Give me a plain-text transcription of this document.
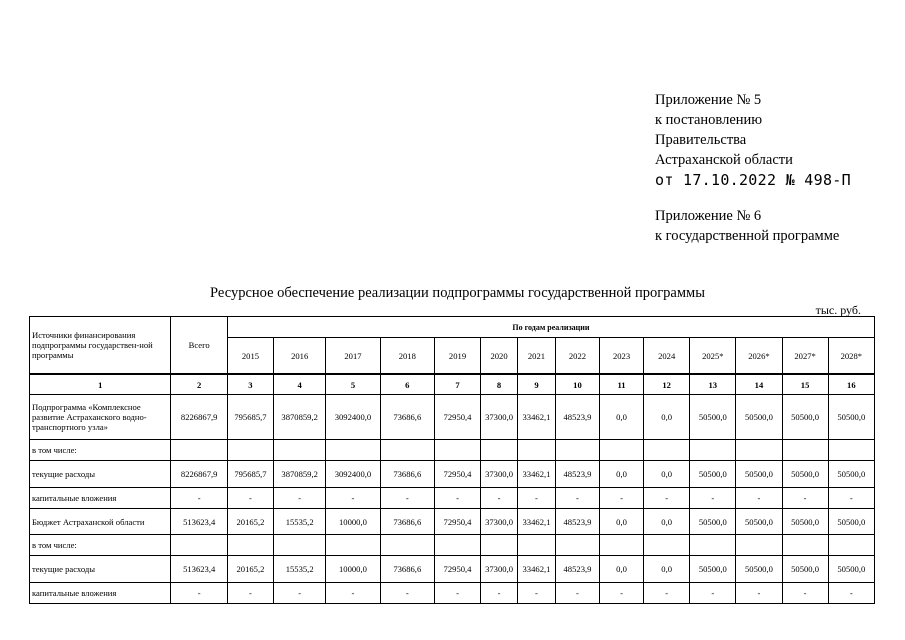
Приложение № 5
к постановлению
Правительства
Астраханской области
от 17.10.2022 № 498-П
Приложение № 6
к государственной программе
Ресурсное обеспечение реализации подпрограммы государственной программы
тыс. руб.
Источники финансирования подпрограммы государствен-ной программы	Всего	По годам реализации													
		2015	2016	2017	2018	2019	2020	2021	2022	2023	2024	2025*	2026*	2027*	2028*
1	2	3	4	5	6	7	8	9	10	11	12	13	14	15	16
Подпрограмма «Комплексное развитие Астраханского водно-транспортного узла»	8226867,9	795685,7	3870859,2	3092400,0	73686,6	72950,4	37300,0	33462,1	48523,9	0,0	0,0	50500,0	50500,0	50500,0	50500,0
в том числе:															
текущие расходы	8226867,9	795685,7	3870859,2	3092400,0	73686,6	72950,4	37300,0	33462,1	48523,9	0,0	0,0	50500,0	50500,0	50500,0	50500,0
капитальные вложения	-	-	-	-	-	-	-	-	-	-	-	-	-	-	-
Бюджет Астраханской области	513623,4	20165,2	15535,2	10000,0	73686,6	72950,4	37300,0	33462,1	48523,9	0,0	0,0	50500,0	50500,0	50500,0	50500,0
в том числе:															
текущие расходы	513623,4	20165,2	15535,2	10000,0	73686,6	72950,4	37300,0	33462,1	48523,9	0,0	0,0	50500,0	50500,0	50500,0	50500,0
капитальные вложения	-	-	-	-	-	-	-	-	-	-	-	-	-	-	-
